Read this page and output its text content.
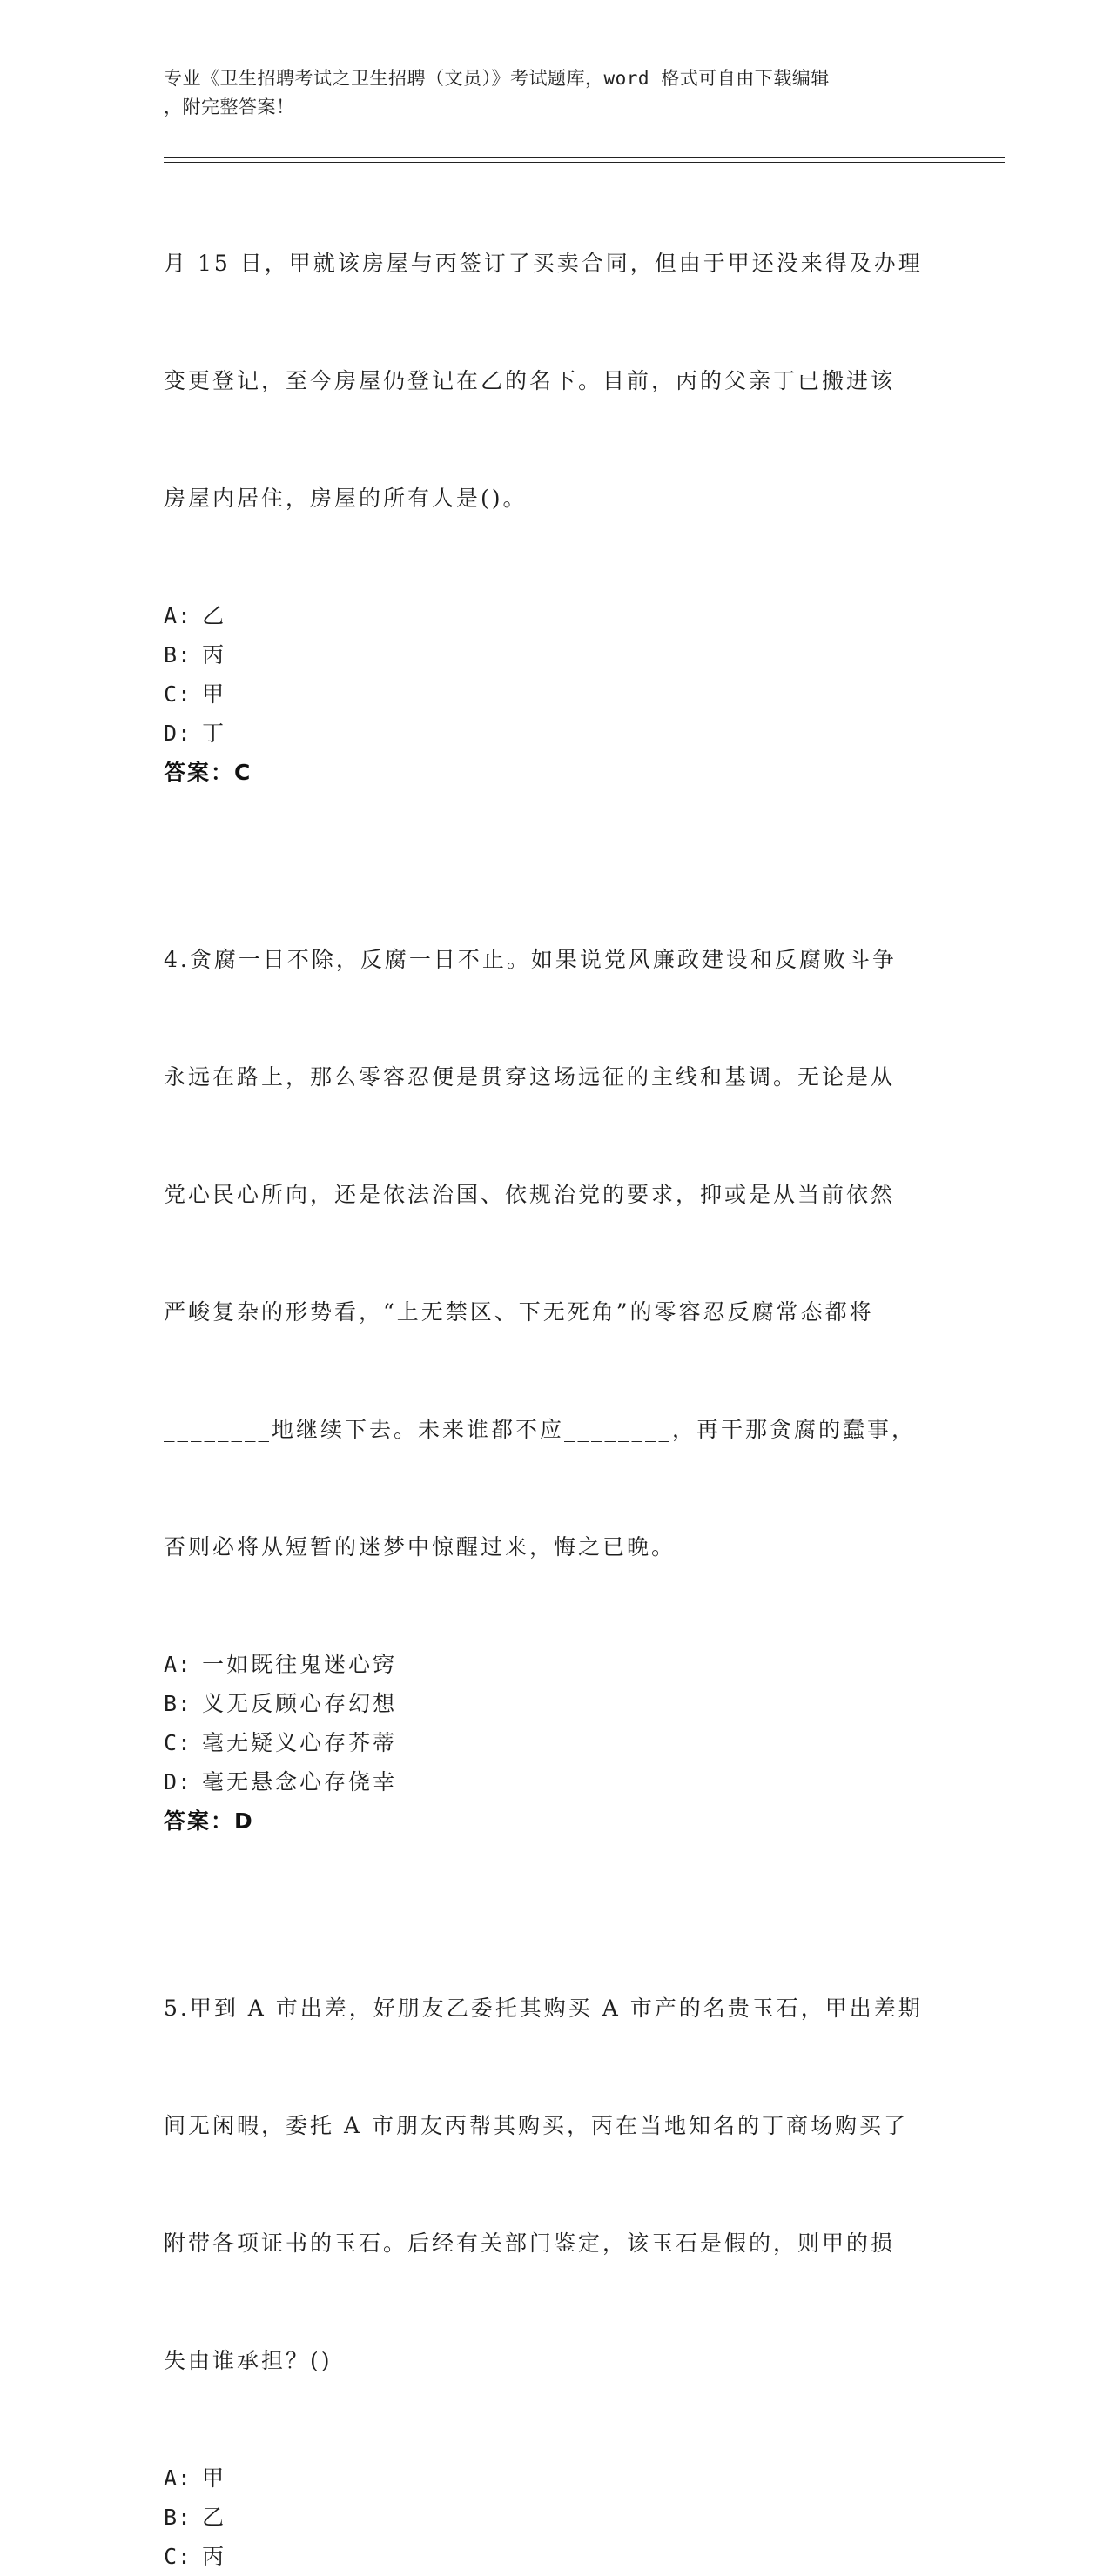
专业《卫生招聘考试之卫生招聘（文员）》考试题库，word 格式可自由下载编辑
，附完整答案！

月 15 日，甲就该房屋与丙签订了买卖合同，但由于甲还没来得及办理

变更登记，至今房屋仍登记在乙的名下。目前，丙的父亲丁已搬进该

房屋内居住，房屋的所有人是()。

A: 乙
B: 丙
C: 甲
D: 丁
答案：C

4.贪腐一日不除，反腐一日不止。如果说党风廉政建设和反腐败斗争

永远在路上，那么零容忍便是贯穿这场远征的主线和基调。无论是从

党心民心所向，还是依法治国、依规治党的要求，抑或是从当前依然

严峻复杂的形势看，“上无禁区、下无死角”的零容忍反腐常态都将

________地继续下去。未来谁都不应________，再干那贪腐的蠢事，

否则必将从短暂的迷梦中惊醒过来，悔之已晚。

A: 一如既往鬼迷心窍
B: 义无反顾心存幻想
C: 毫无疑义心存芥蒂
D: 毫无悬念心存侥幸
答案：D

5.甲到 A 市出差，好朋友乙委托其购买 A 市产的名贵玉石，甲出差期

间无闲暇，委托 A 市朋友丙帮其购买，丙在当地知名的丁商场购买了

附带各项证书的玉石。后经有关部门鉴定，该玉石是假的，则甲的损

失由谁承担？()

A: 甲
B: 乙
C: 丙
